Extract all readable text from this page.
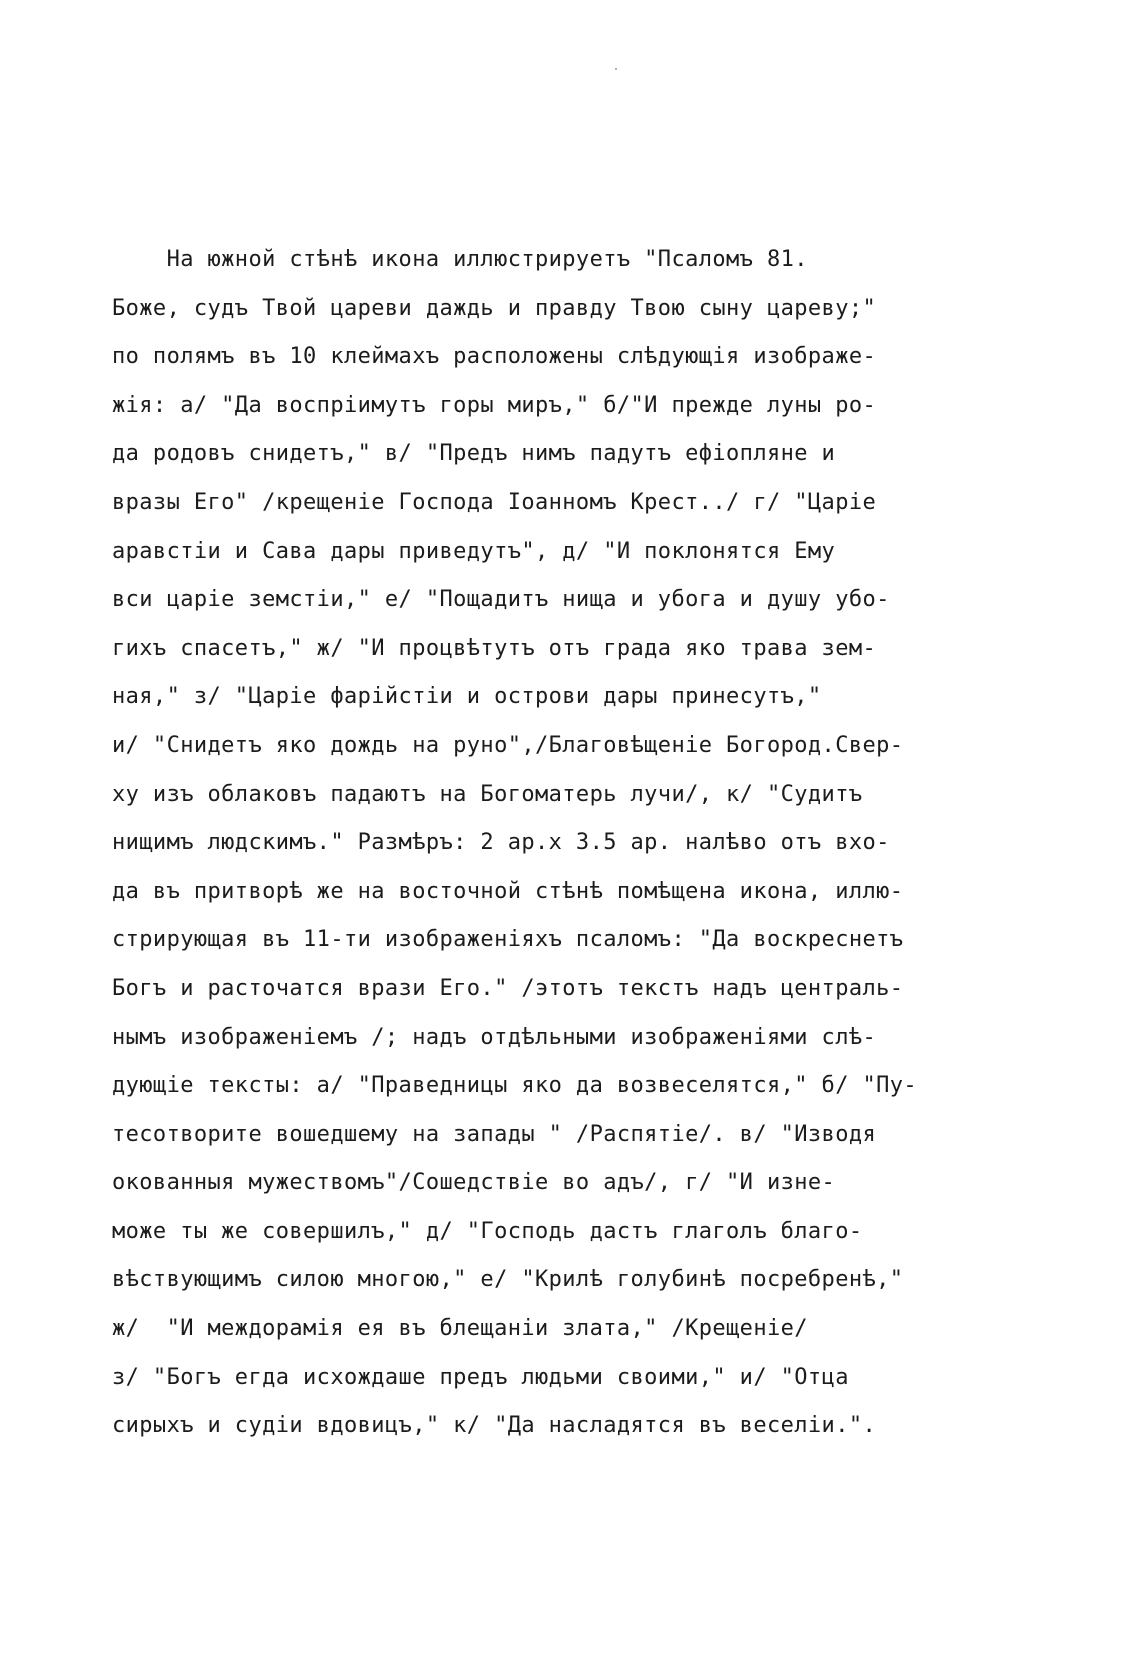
На южной стѣнѣ икона иллюстрируетъ "Псаломъ 81.
Боже, судъ Твой цареви даждь и правду Твою сыну цареву;"
по полямъ въ 10 клеймахъ расположены слѣдующія изображе-
жія: а/ "Да воспріимутъ горы миръ," б/"И прежде луны ро-
да родовъ снидетъ," в/ "Предъ нимъ падутъ ефіопляне и
вразы Его" /крещеніе Господа Іоанномъ Крест../ г/ "Царіе
аравстіи и Сава дары приведутъ", д/ "И поклонятся Ему
вси царіе земстіи," е/ "Пощадитъ нища и убога и душу убо-
гихъ спасетъ," ж/ "И процвѣтутъ отъ града яко трава зем-
ная," з/ "Царіе фарійстіи и острови дары принесутъ,"
и/ "Снидетъ яко дождь на руно",/Благовѣщеніе Богород.Свер-
ху изъ облаковъ падаютъ на Богоматерь лучи/, к/ "Судитъ
нищимъ людскимъ." Размѣръ: 2 ар.х 3.5 ар. налѣво отъ вхо-
да въ притворѣ же на восточной стѣнѣ помѣщена икона, иллю-
стрирующая въ 11-ти изображеніяхъ псаломъ: "Да воскреснетъ
Богъ и расточатся врази Его." /этотъ текстъ надъ централь-
нымъ изображеніемъ /; надъ отдѣльными изображеніями слѣ-
дующіе тексты: а/ "Праведницы яко да возвеселятся," б/ "Пу-
тесотворите вошедшему на запады " /Распятіе/. в/ "Изводя
окованныя мужествомъ"/Сошедствіе во адъ/, г/ "И изне-
може ты же совершилъ," д/ "Господь дастъ глаголъ благо-
вѣствующимъ силою многою," е/ "Крилѣ голубинѣ посребренѣ,"
ж/  "И междорамія ея въ блещаніи злата," /Крещеніе/
з/ "Богъ егда исхождаше предъ людьми своими," и/ "Отца
сирыхъ и судіи вдовицъ," к/ "Да насладятся въ веселіи.".
